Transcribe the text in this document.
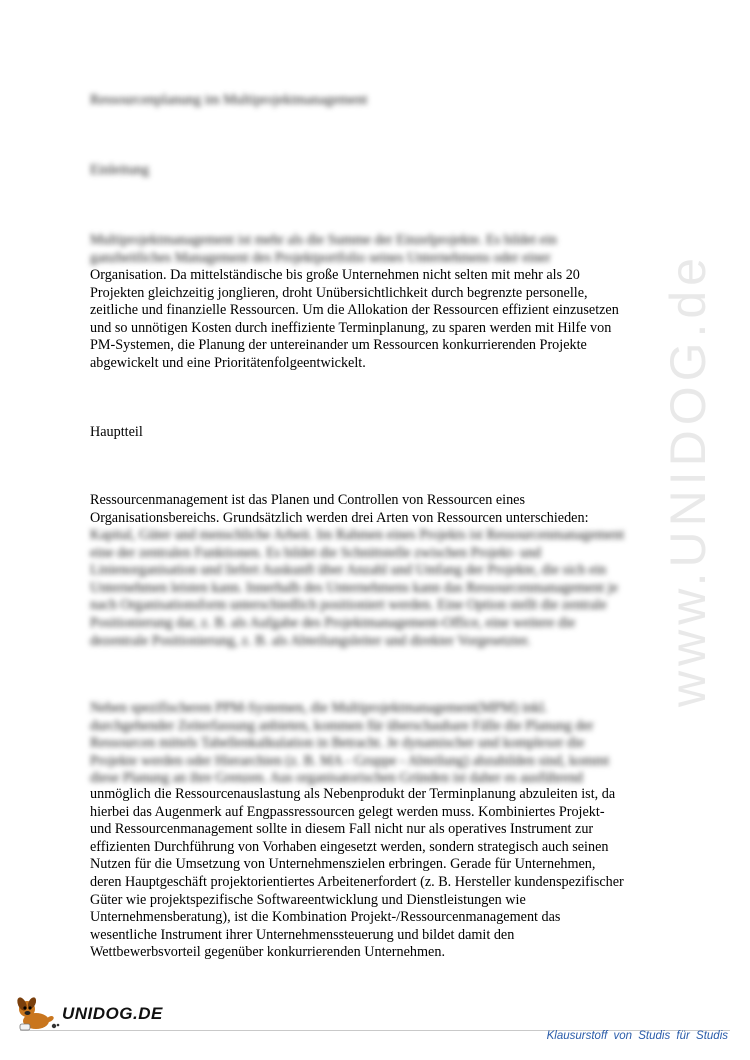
Ressourcenplanung im Multiprojektmanagement

Einleitung

Multiprojektmanagement ist mehr als die Summe der Einzelprojekte. Es bildet ein
ganzheitliches Management des Projektportfolio seines Unternehmens oder einer
Organisation. Da mittelständische bis große Unternehmen nicht selten mit mehr als 20
Projekten gleichzeitig jonglieren, droht Unübersichtlichkeit durch begrenzte personelle,
zeitliche und finanzielle Ressourcen. Um die Allokation der Ressourcen effizient einzusetzen
und so unnötigen Kosten durch ineffiziente Terminplanung, zu sparen werden mit Hilfe von
PM-Systemen, die Planung der untereinander um Ressourcen konkurrierenden Projekte
abgewickelt und eine Prioritätenfolgeentwickelt.

Hauptteil

Ressourcenmanagement ist das Planen und Controllen von Ressourcen eines
Organisationsbereichs. Grundsätzlich werden drei Arten von Ressourcen unterschieden:
Kapital, Güter und menschliche Arbeit. Im Rahmen eines Projekts ist Ressourcenmanagement
eine der zentralen Funktionen. Es bildet die Schnittstelle zwischen Projekt- und
Linienorganisation und liefert Auskunft über Anzahl und Umfang der Projekte, die sich ein
Unternehmen leisten kann. Innerhalb des Unternehmens kann das Ressourcenmanagement je
nach Organisationsform unterschiedlich positioniert werden. Eine Option stellt die zentrale
Positionierung dar, z. B. als Aufgabe des Projektmanagement-Office, eine weitere die
dezentrale Positionierung, z. B. als Abteilungsleiter und direkter Vorgesetzter.
Neben spezifischeren PPM-Systemen, die Multiprojektmanagement(MPM) inkl.
durchgehender Zeiterfassung anbieten, kommen für überschaubare Fälle die Planung der
Ressourcen mittels Tabellenkalkulation in Betracht. Je dynamischer und komplexer die
Projekte werden oder Hierarchien (z. B. MA - Gruppe - Abteilung) abzubilden sind, kommt
diese Planung an ihre Grenzen. Aus organisatorischen Gründen ist daher es ausführend
unmöglich die Ressourcenauslastung als Nebenprodukt der Terminplanung abzuleiten ist, da
hierbei das Augenmerk auf Engpassressourcen gelegt werden muss. Kombiniertes Projekt-
und Ressourcenmanagement sollte in diesem Fall nicht nur als operatives Instrument zur
effizienten Durchführung von Vorhaben eingesetzt werden, sondern strategisch auch seinen
Nutzen für die Umsetzung von Unternehmenszielen erbringen. Gerade für Unternehmen,
deren Hauptgeschäft projektorientiertes Arbeitenerfordert (z. B. Hersteller kundenspezifischer
Güter wie projektspezifische Softwareentwicklung und Dienstleistungen wie
Unternehmensberatung), ist die Kombination Projekt-/Ressourcenmanagement das
wesentliche Instrument ihrer Unternehmenssteuerung und bildet damit den
Wettbewerbsvorteil gegenüber konkurrierenden Unternehmen.
www.UNIDOG.de
UNIDOG.DE
Klausurstoff von Studis für Studis
